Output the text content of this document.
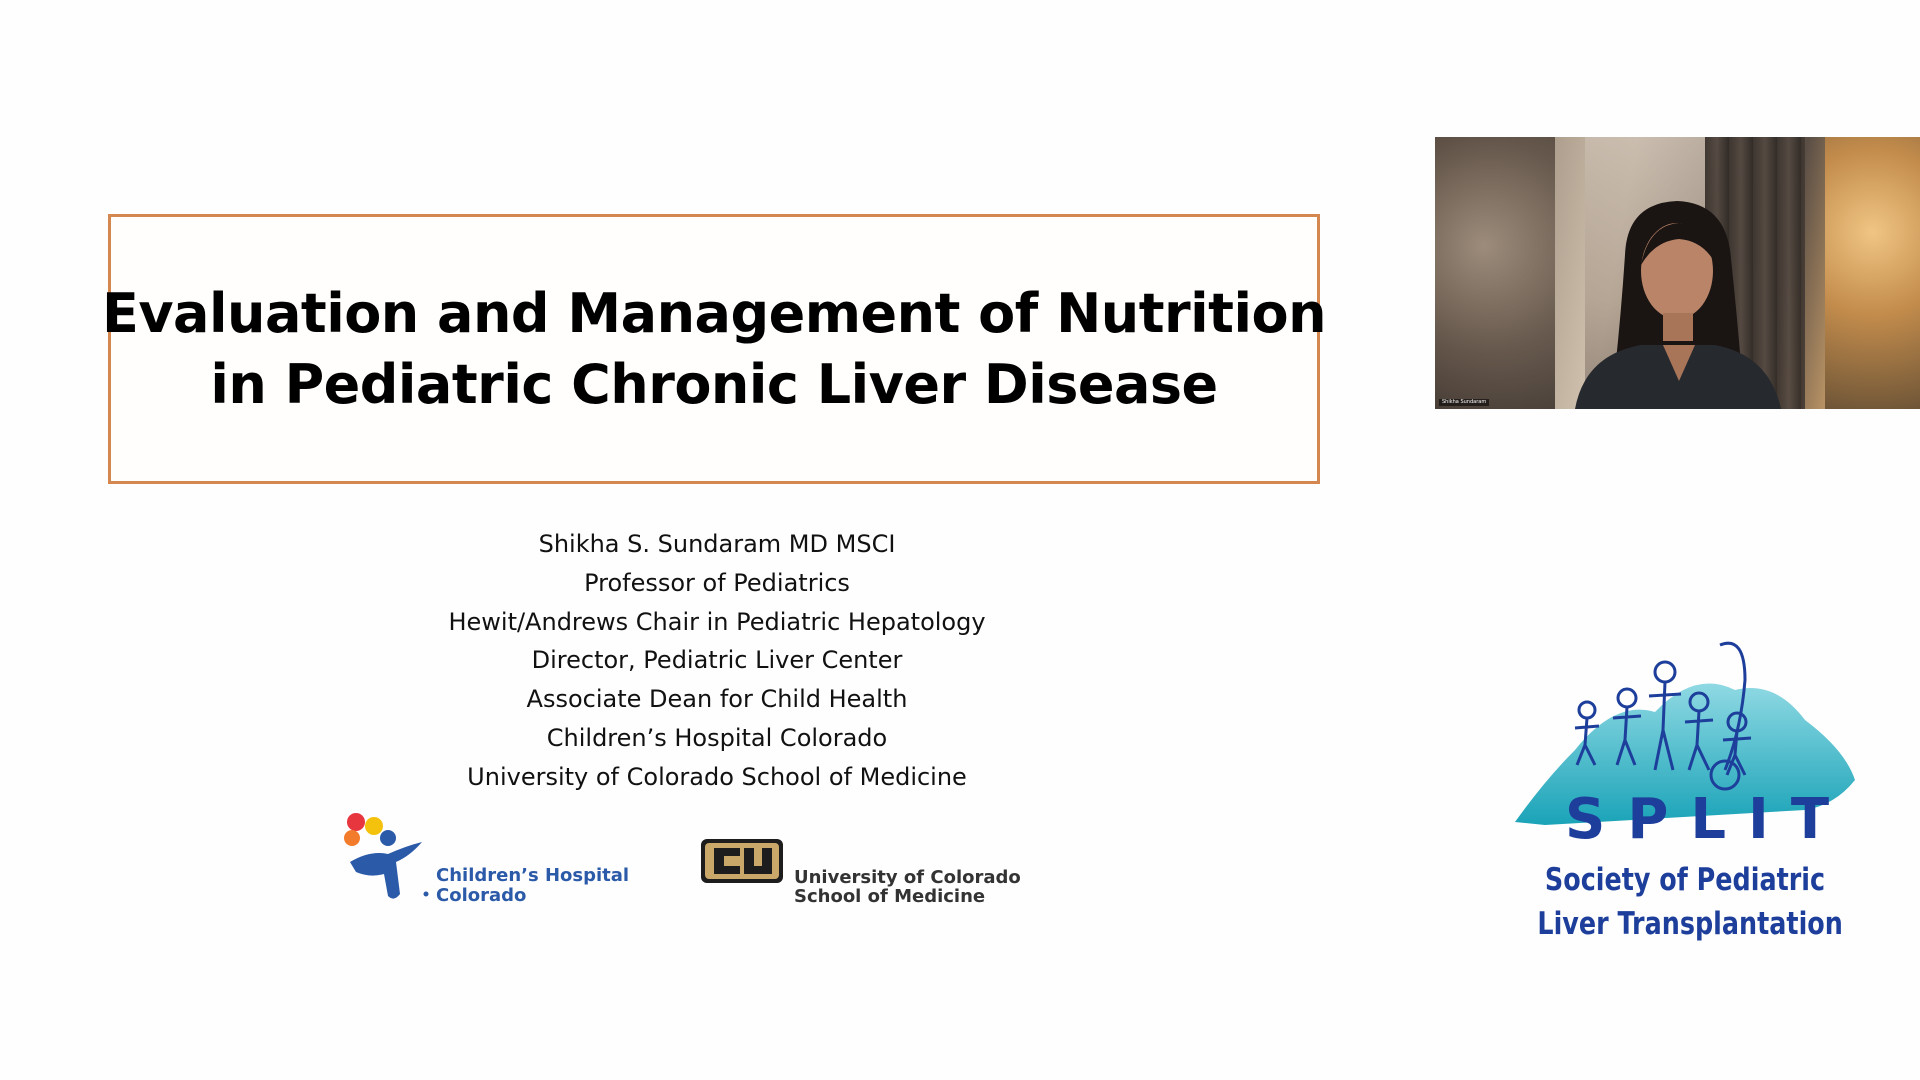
Evaluation and Management of Nutrition
in Pediatric Chronic Liver Disease
Shikha S. Sundaram MD MSCI
Professor of Pediatrics
Hewit/Andrews Chair in Pediatric Hepatology
Director, Pediatric Liver Center
Associate Dean for Child Health
Children’s Hospital Colorado
University of Colorado School of Medicine
Children’s Hospital
Colorado
University of Colorado
School of Medicine
SPLIT
Society of Pediatric
Liver Transplantation
Shikha Sundaram
